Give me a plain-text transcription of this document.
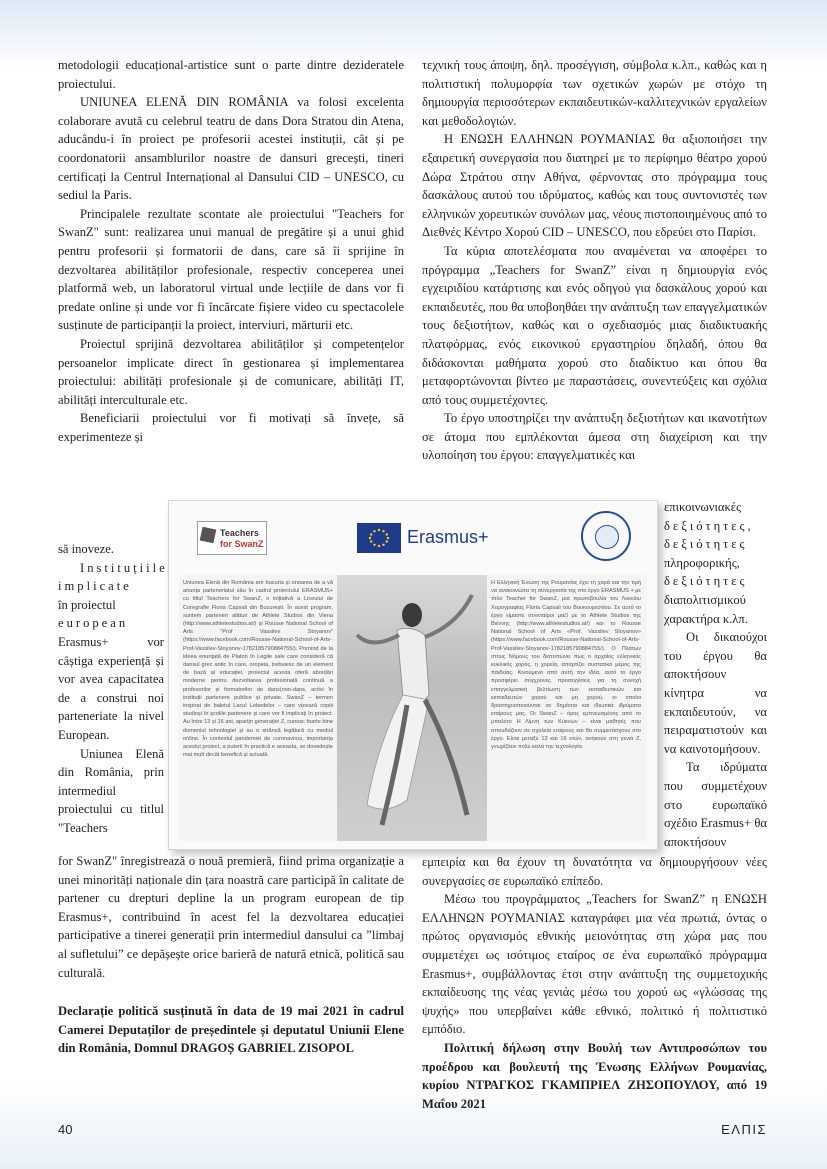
metodologii educațional-artistice sunt o parte dintre dezideratele proiectului.

UNIUNEA ELENĂ DIN ROMÂNIA va folosi excelenta colaborare avută cu celebrul teatru de dans Dora Stratou din Atena, aducându-i în proiect pe profesorii acestei instituții, cât și pe coordonatorii ansamblurilor noastre de dansuri grecești, tineri certificați la Centrul Internațional al Dansului CID – UNESCO, cu sediul la Paris.

Principalele rezultate scontate ale proiectului "Teachers for SwanZ" sunt: realizarea unui manual de pregătire și a unui ghid pentru profesorii și formatorii de dans, care să îi sprijine în dezvoltarea abilităților profesionale, respectiv conceperea unei platformă web, un laboratorul virtual unde lecțiile de dans vor fi predate online și unde vor fi încărcate fișiere video cu spectacolele susținute de participanții la proiect, interviuri, mărturii etc.

Proiectul sprijină dezvoltarea abilităților și competențelor persoanelor implicate direct în gestionarea și implementarea proiectului: abilități profesionale și de comunicare, abilități IT, abilități interculturale etc.

Beneficiarii proiectului vor fi motivați să învețe, să experimenteze și

să inoveze.

Instituțiile

implicate

în proiectul

european

Erasmus+ vor câștiga experiență și vor avea capacitatea de a construi noi parteneriate la nivel European.

Uniunea Elenă din România, prin intermediul proiectului cu titlul "Teachers

for SwanZ" înregistrează o nouă premieră, fiind prima organizație a unei minorități naționale din țara noastră care participă în calitate de partener cu drepturi depline la un program european de tip Erasmus+, contribuind în acest fel la dezvoltarea educației participative a tinerei generații prin intermediul dansului ca ”limbaj al sufletului” ce depășește orice barieră de natură etnică, politică sau culturală.

Declarație politică susținută în data de 19 mai 2021 în cadrul Camerei Deputaților de președintele și deputatul Uniunii Elene din România, Domnul DRAGOȘ GABRIEL ZISOPOL

τεχνική τους άποψη, δηλ. προσέγγιση, σύμβολα κ.λπ., καθώς και η πολιτιστική πολυμορφία των σχετικών χωρών με στόχο τη δημιουργία περισσότερων εκπαιδευτικών-καλλιτεχνικών εργαλείων και μεθοδολογιών.

Η ΕΝΩΣΗ ΕΛΛΗΝΩΝ ΡΟΥΜΑΝΙΑΣ θα αξιοποιήσει την εξαιρετική συνεργασία που διατηρεί με το περίφημο θέατρο χορού Δώρα Στράτου στην Αθήνα, φέρνοντας στο πρόγραμμα τους δασκάλους αυτού του ιδρύματος, καθώς και τους συντονιστές των ελληνικών χορευτικών συνόλων μας, νέους πιστοποιημένους από το Διεθνές Κέντρο Χορού CID – UNESCO, που εδρεύει στο Παρίσι.

Τα κύρια αποτελέσματα που αναμένεται να αποφέρει το πρόγραμμα „Teachers for SwanZ” είναι η δημιουργία ενός εγχειριδίου κατάρτισης και ενός οδηγού για δασκάλους χορού και εκπαιδευτές, που θα υποβοηθάει την ανάπτυξη των επαγγελματικών τους δεξιοτήτων, καθώς και ο σχεδιασμός μιας διαδικτυακής πλατφόρμας, ενός εικονικού εργαστηρίου δηλαδή, όπου θα διδάσκονται μαθήματα χορού στο διαδίκτυο και όπου θα μεταφορτώνονται βίντεο με παραστάσεις, συνεντεύξεις και σχόλια από τους συμμετέχοντες.

Το έργο υποστηρίζει την ανάπτυξη δεξιοτήτων και ικανοτήτων σε άτομα που εμπλέκονται άμεσα στη διαχείριση και την υλοποίηση του έργου: επαγγελματικές και

επικοινωνιακές

δεξιότητες,

δεξιότητες

πληροφορικής,

δεξιότητες

διαπολιτισμικού χαρακτήρα κ.λπ.

Οι δικαιούχοι του έργου θα αποκτήσουν κίνητρα να εκπαιδευτούν, να πειραματιστούν και να καινοτομήσουν.

Τα ιδρύματα που συμμετέχουν στο ευρωπαϊκό σχέδιο Erasmus+ θα αποκτήσουν

εμπειρία και θα έχουν τη δυνατότητα να δημιουργήσουν νέες συνεργασίες σε ευρωπαϊκό επίπεδο.

Μέσω του προγράμματος „Teachers for SwanZ” η ΕΝΩΣΗ ΕΛΛΗΝΩΝ ΡΟΥΜΑΝΙΑΣ καταγράφει μια νέα πρωτιά, όντας ο πρώτος οργανισμός εθνικής μειονότητας στη χώρα μας που συμμετέχει ως ισότιμος εταίρος σε ένα ευρωπαϊκό πρόγραμμα Erasmus+, συμβάλλοντας έτσι στην ανάπτυξη της συμμετοχικής εκπαίδευσης της νέας γενιάς μέσω του χορού ως «γλώσσας της ψυχής» που υπερβαίνει κάθε εθνικό, πολιτικό ή πολιτιστικό εμπόδιο.

Πολιτική δήλωση στην Βουλή των Αντιπροσώπων του προέδρου και βουλευτή της Ένωσης Ελλήνων Ρουμανίας, κυρίου ΝΤΡΑΓΚΟΣ ΓΚΑΜΠΡΙΕΛ ΖΗΣΟΠΟΥΛΟΥ, από 19 Μαΐου 2021

Teachers
for SwanZ	Erasmus+
Uniunea Elenă din România are bucuria și onoarea de a vă anunța parteneriatul său în cadrul proiectului ERASMUS+ cu titlul Teachers for SwanZ, o inițiativă a Liceului de Coregrafie Floria Capsali din București. În acest program, suntem parteneri alături de Athlete Studios din Viena (http://www.athletestudios.at/) și Rousse National School of Arts "Prof Vassilev Stoyanov" (https://www.facebook.com/Rousse-National-School-of-Arts-Prof-Vassilev-Stoyanov-1782185790884755/). Pornind de la ideea enunțată de Platon în Legile sale care consideră că dansul grec antic în care, oropeia, trebuiesc de un element de bază al educației, proiectul acesta oferă abordări moderne pentru dezvoltarea profesională continuă a profesorilor și formatorilor de dans(non-dans, activi în instituții partenere publice și private. SwanZ – termen inspirat de baletul Lacul Lebedelor – care vizează copiii studioși în școlile partenere și care vor fi implicați în proiect. Au între 13 și 16 ani, aparțin generației Z, cunosc foarte bine domeniul tehnologiei și au o strânsă legătură cu mediul online. În contextul pandemiei de coronavirus, importanța acestui proiect, a puterii în practică e aceasta, se dovedește mai mult decât benefică și actuală.
Η Ελληνική Ένωση της Ρουμανίας έχει τη χαρά και την τιμή να ανακοινώσει τη συνεργασία της στο έργο ERASMUS + με τίτλο Teacher for SwanZ, μια πρωτοβουλία του Λυκείου Χορογραφίας Floria Capsali του Βουκουρεστίου. Σε αυτό το έργο είμαστε συνεταίροι μαζί με το Athlete Studios της Βιέννης (http://www.athletestudios.at/) και το Rousse National School of Arts «Prof. Vassilev Stoyanov» (https://www.facebook.com/Rousse-National-School-of-Arts-Prof-Vassilev-Stoyanov-1782185790884755/). Ο Πλάτων στους Νόμους του διατυπώνει πως ο αρχαίος ελληνικός κυκλικός χορός, η χορεία, απαρτίζει συστατικό μέρος της παιδείας. Κινούμενο από αυτή την ιδέα, αυτό το έργο προσφέρει σύγχρονες προσεγγίσεις για τη συνεχή επαγγελματική βελτίωση των εκπαιδευτικών και εκπαιδευτών χορού και μη χορού, οι οποίοι δραστηριοποιούνται σε δημόσια και ιδιωτικά ιδρύματα εταίρους μας. Οι SwanZ – όρος εμπνευσμένος από το μπαλέτο Η Λίμνη των Κύκνων – είναι μαθητές που σπουδάζουν σε σχολεία εταίρους και θα συμμετάσχουν στο έργο. Είναι μεταξύ 13 και 16 ετών, ανήκουν στη γενιά Z, γνωρίζουν πολύ καλά την τεχνολογία.
40	ΕΛΠΙΣ
